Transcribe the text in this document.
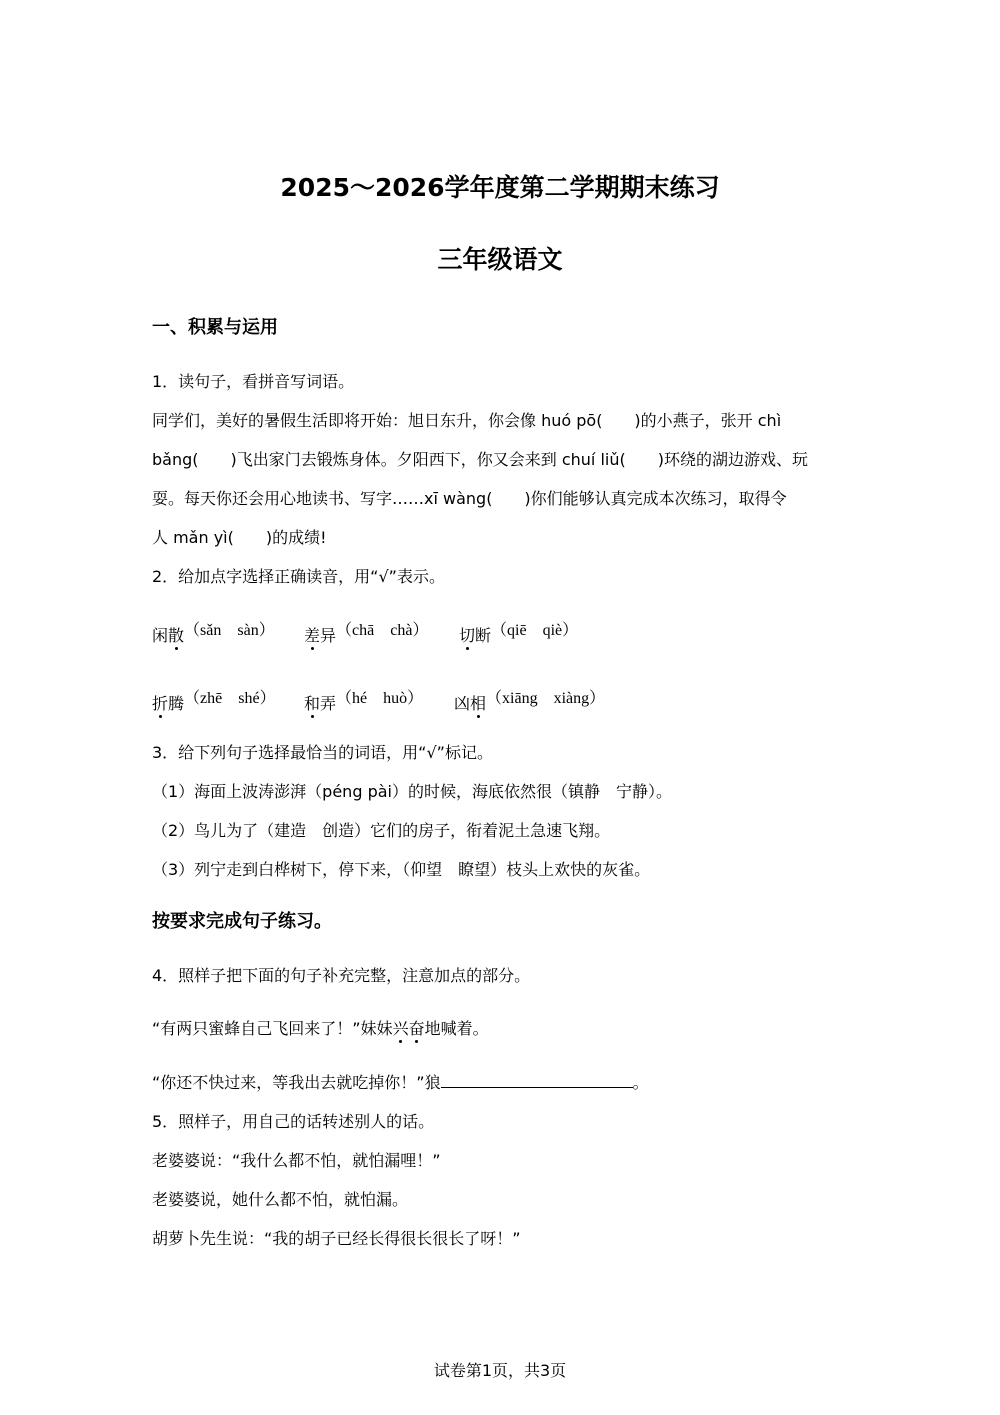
2025～2026学年度第二学期期末练习
三年级语文
一、积累与运用
1．读句子，看拼音写词语。
同学们，美好的暑假生活即将开始：旭日东升，你会像 huó pō(　　)的小燕子，张开 chì
bǎng(　　)飞出家门去锻炼身体。夕阳西下，你又会来到 chuí liǔ(　　)环绕的湖边游戏、玩
耍。每天你还会用心地读书、写字……xī wàng(　　)你们能够认真完成本次练习，取得令
人 mǎn yì(　　)的成绩!
2．给加点字选择正确读音，用“√”表示。
闲散（sǎn　sàn） 差异（chā　chà） 切断（qiē　qiè）
折腾（zhē　shé） 和弄（hé　huò） 凶相（xiāng　xiàng）
3．给下列句子选择最恰当的词语，用“√”标记。
（1）海面上波涛澎湃（péng pài）的时候，海底依然很（镇静　宁静）。
（2）鸟儿为了（建造　创造）它们的房子，衔着泥土急速飞翔。
（3）列宁走到白桦树下，停下来，（仰望　瞭望）枝头上欢快的灰雀。
按要求完成句子练习。
4．照样子把下面的句子补充完整，注意加点的部分。
“有两只蜜蜂自己飞回来了！”妹妹兴奋地喊着。
“你还不快过来，等我出去就吃掉你！”狼	。
5．照样子，用自己的话转述别人的话。
老婆婆说：“我什么都不怕，就怕漏哩！”
老婆婆说，她什么都不怕，就怕漏。
胡萝卜先生说：“我的胡子已经长得很长很长了呀！”
试卷第1页，共3页
